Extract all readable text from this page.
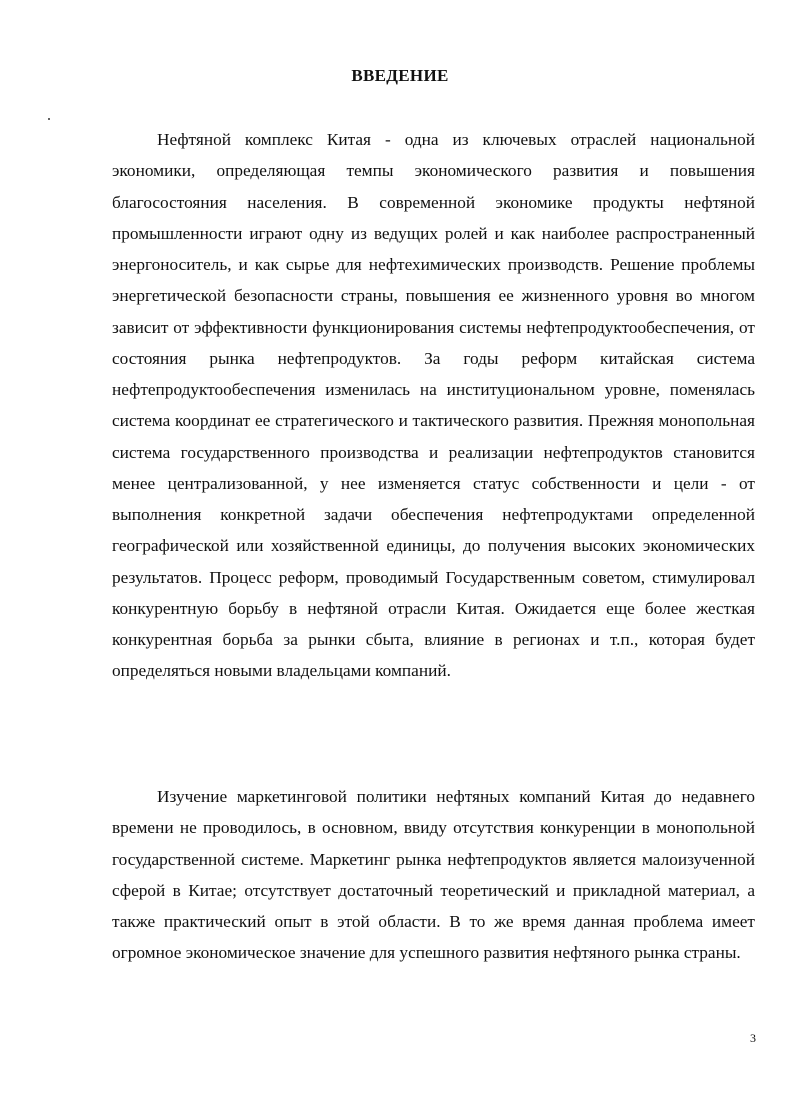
ВВЕДЕНИЕ

Нефтяной комплекс Китая - одна из ключевых отраслей национальной экономики, определяющая темпы экономического развития и повышения благосостояния населения. В современной экономике продукты нефтяной промышленности играют одну из ведущих ролей и как наиболее распространенный энергоноситель, и как сырье для нефтехимических производств. Решение проблемы энергетической безопасности страны, повышения ее жизненного уровня во многом зависит от эффективности функционирования системы нефтепродуктообеспечения, от состояния рынка нефтепродуктов. За годы реформ китайская система нефтепродуктообеспечения изменилась на институциональном уровне, поменялась система координат ее стратегического и тактического развития. Прежняя монопольная система государственного производства и реализации нефтепродуктов становится менее централизованной, у нее изменяется статус собственности и цели - от выполнения конкретной задачи обеспечения нефтепродуктами определенной географической или хозяйственной единицы, до получения высоких экономических результатов. Процесс реформ, проводимый Государственным советом, стимулировал конкурентную борьбу в нефтяной отрасли Китая. Ожидается еще более жесткая конкурентная борьба за рынки сбыта, влияние в регионах и т.п., которая будет определяться новыми владельцами компаний.

Изучение маркетинговой политики нефтяных компаний Китая до недавнего времени не проводилось, в основном, ввиду отсутствия конкуренции в монопольной государственной системе. Маркетинг рынка нефтепродуктов является малоизученной сферой в Китае; отсутствует достаточный теоретический и прикладной материал, а также практический опыт в этой области. В то же время данная проблема имеет огромное экономическое значение для успешного развития нефтяного рынка страны.

3
